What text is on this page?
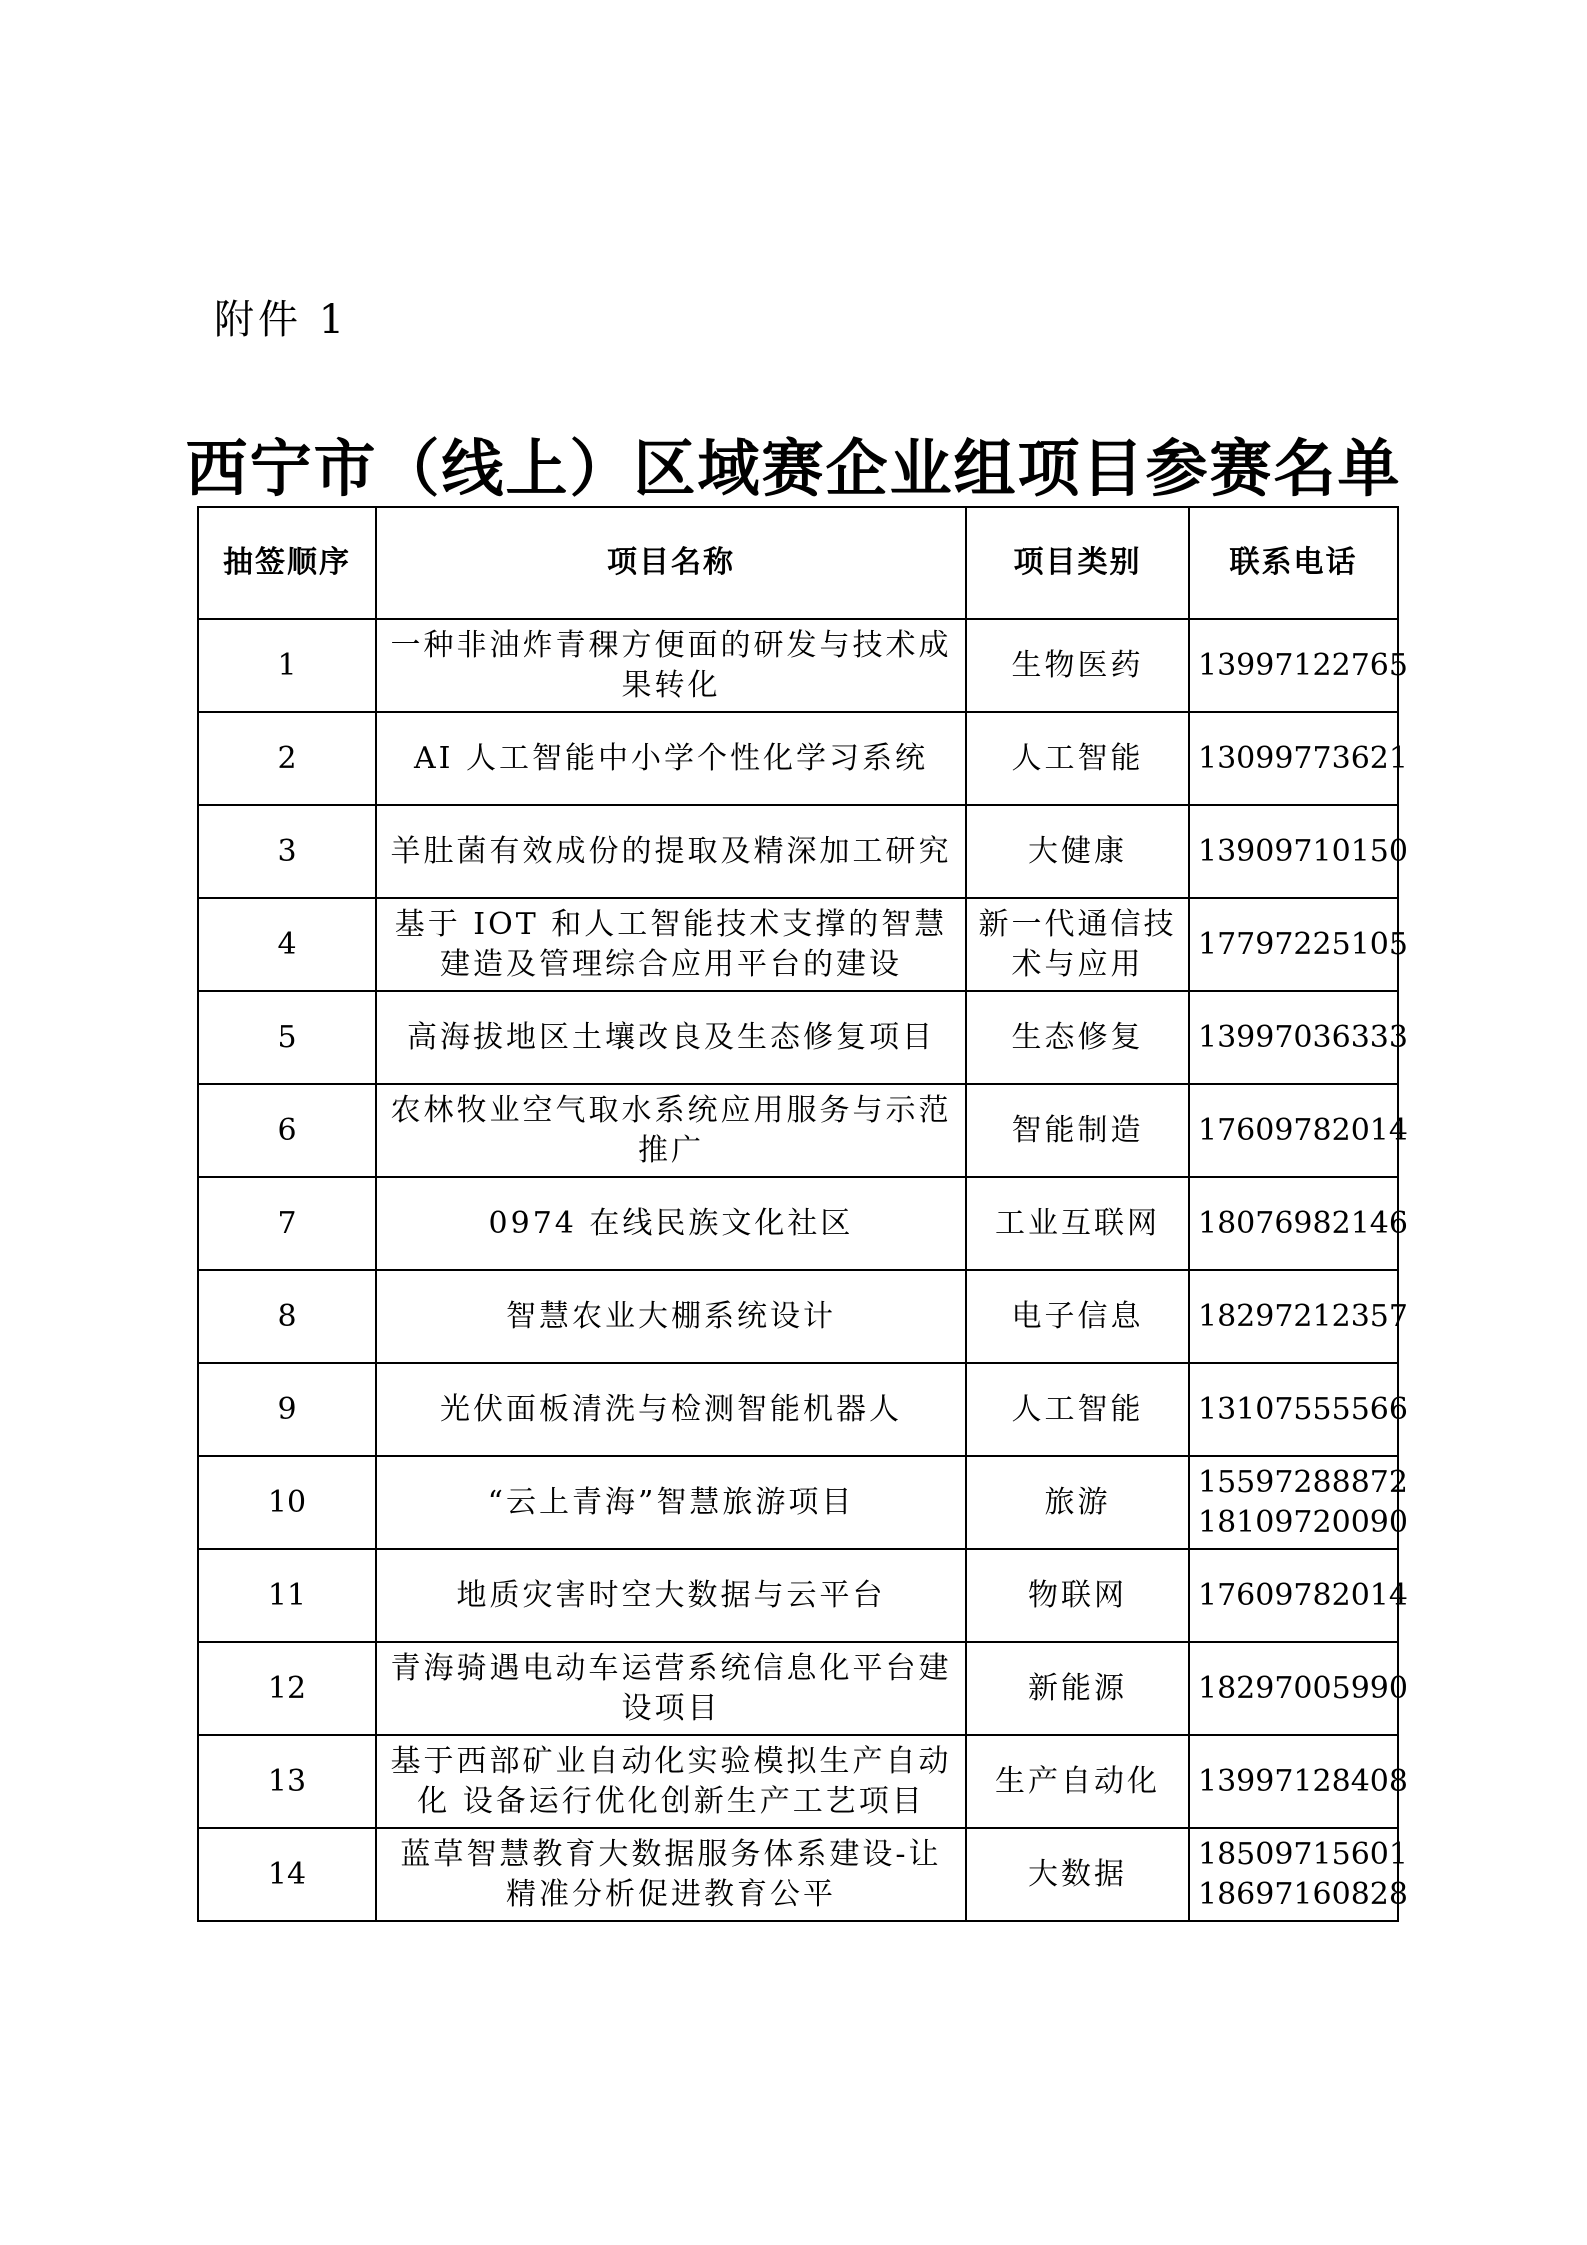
附件 1
西宁市（线上）区域赛企业组项目参赛名单
抽签顺序	项目名称	项目类别	联系电话
1	一种非油炸青稞方便面的研发与技术成果转化	生物医药	13997122765

2	AI 人工智能中小学个性化学习系统	人工智能	13099773621

3	羊肚菌有效成份的提取及精深加工研究	大健康	13909710150

4	基于 IOT 和人工智能技术支撑的智慧建造及管理综合应用平台的建设	新一代通信技术与应用	17797225105

5	高海拔地区土壤改良及生态修复项目	生态修复	13997036333

6	农林牧业空气取水系统应用服务与示范推广	智能制造	17609782014

7	0974 在线民族文化社区	工业互联网	18076982146

8	智慧农业大棚系统设计	电子信息	18297212357

9	光伏面板清洗与检测智能机器人	人工智能	13107555566

10	“云上青海”智慧旅游项目	旅游	15597288872
18109720090

11	地质灾害时空大数据与云平台	物联网	17609782014

12	青海骑遇电动车运营系统信息化平台建设项目	新能源	18297005990

13	基于西部矿业自动化实验模拟生产自动化 设备运行优化创新生产工艺项目	生产自动化	13997128408

14	蓝草智慧教育大数据服务体系建设-让精准分析促进教育公平	大数据	18509715601
18697160828
